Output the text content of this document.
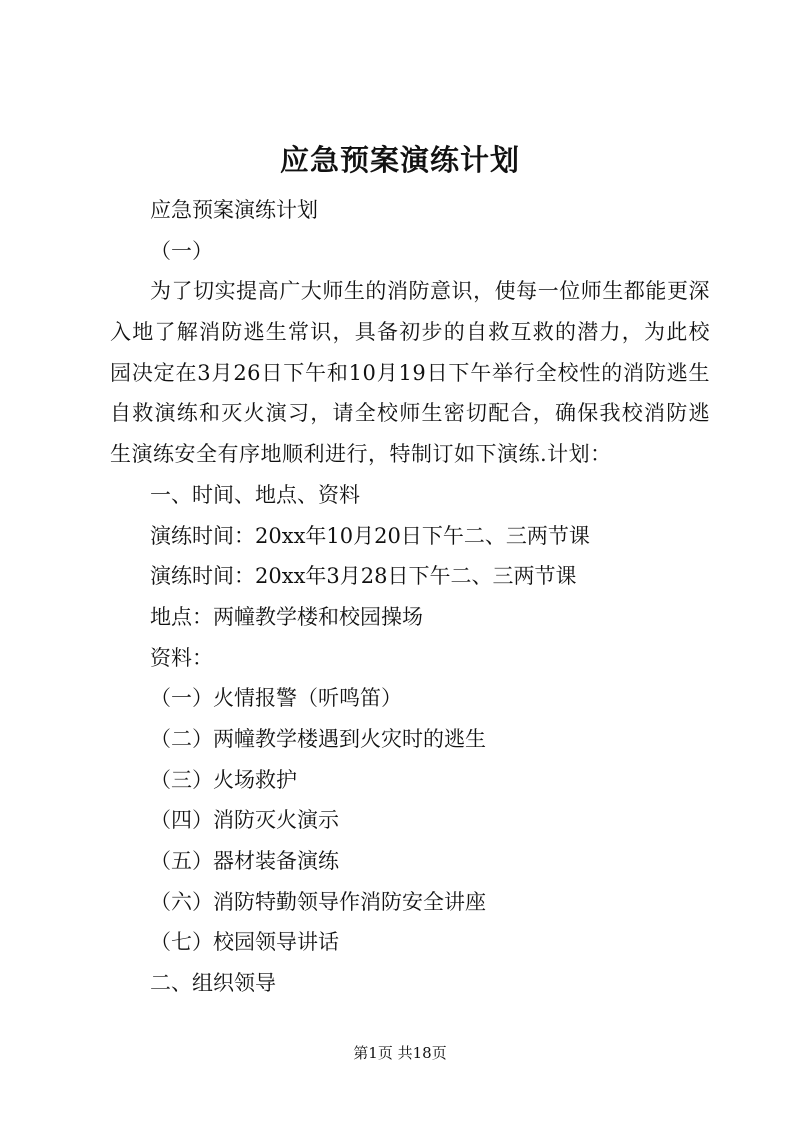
应急预案演练计划
应急预案演练计划
（一）

为了切实提高广大师生的消防意识，使每一位师生都能更深入地了解消防逃生常识，具备初步的自救互救的潜力，为此校园决定在3月26日下午和10月19日下午举行全校性的消防逃生自救演练和灭火演习，请全校师生密切配合，确保我校消防逃生演练安全有序地顺利进行，特制订如下演练.计划：

一、时间、地点、资料
演练时间：20xx年10月20日下午二、三两节课
演练时间：20xx年3月28日下午二、三两节课
地点：两幢教学楼和校园操场
资料：
（一）火情报警（听鸣笛）
（二）两幢教学楼遇到火灾时的逃生
（三）火场救护
（四）消防灭火演示
（五）器材装备演练
（六）消防特勤领导作消防安全讲座
（七）校园领导讲话
二、组织领导
第1页 共18页
